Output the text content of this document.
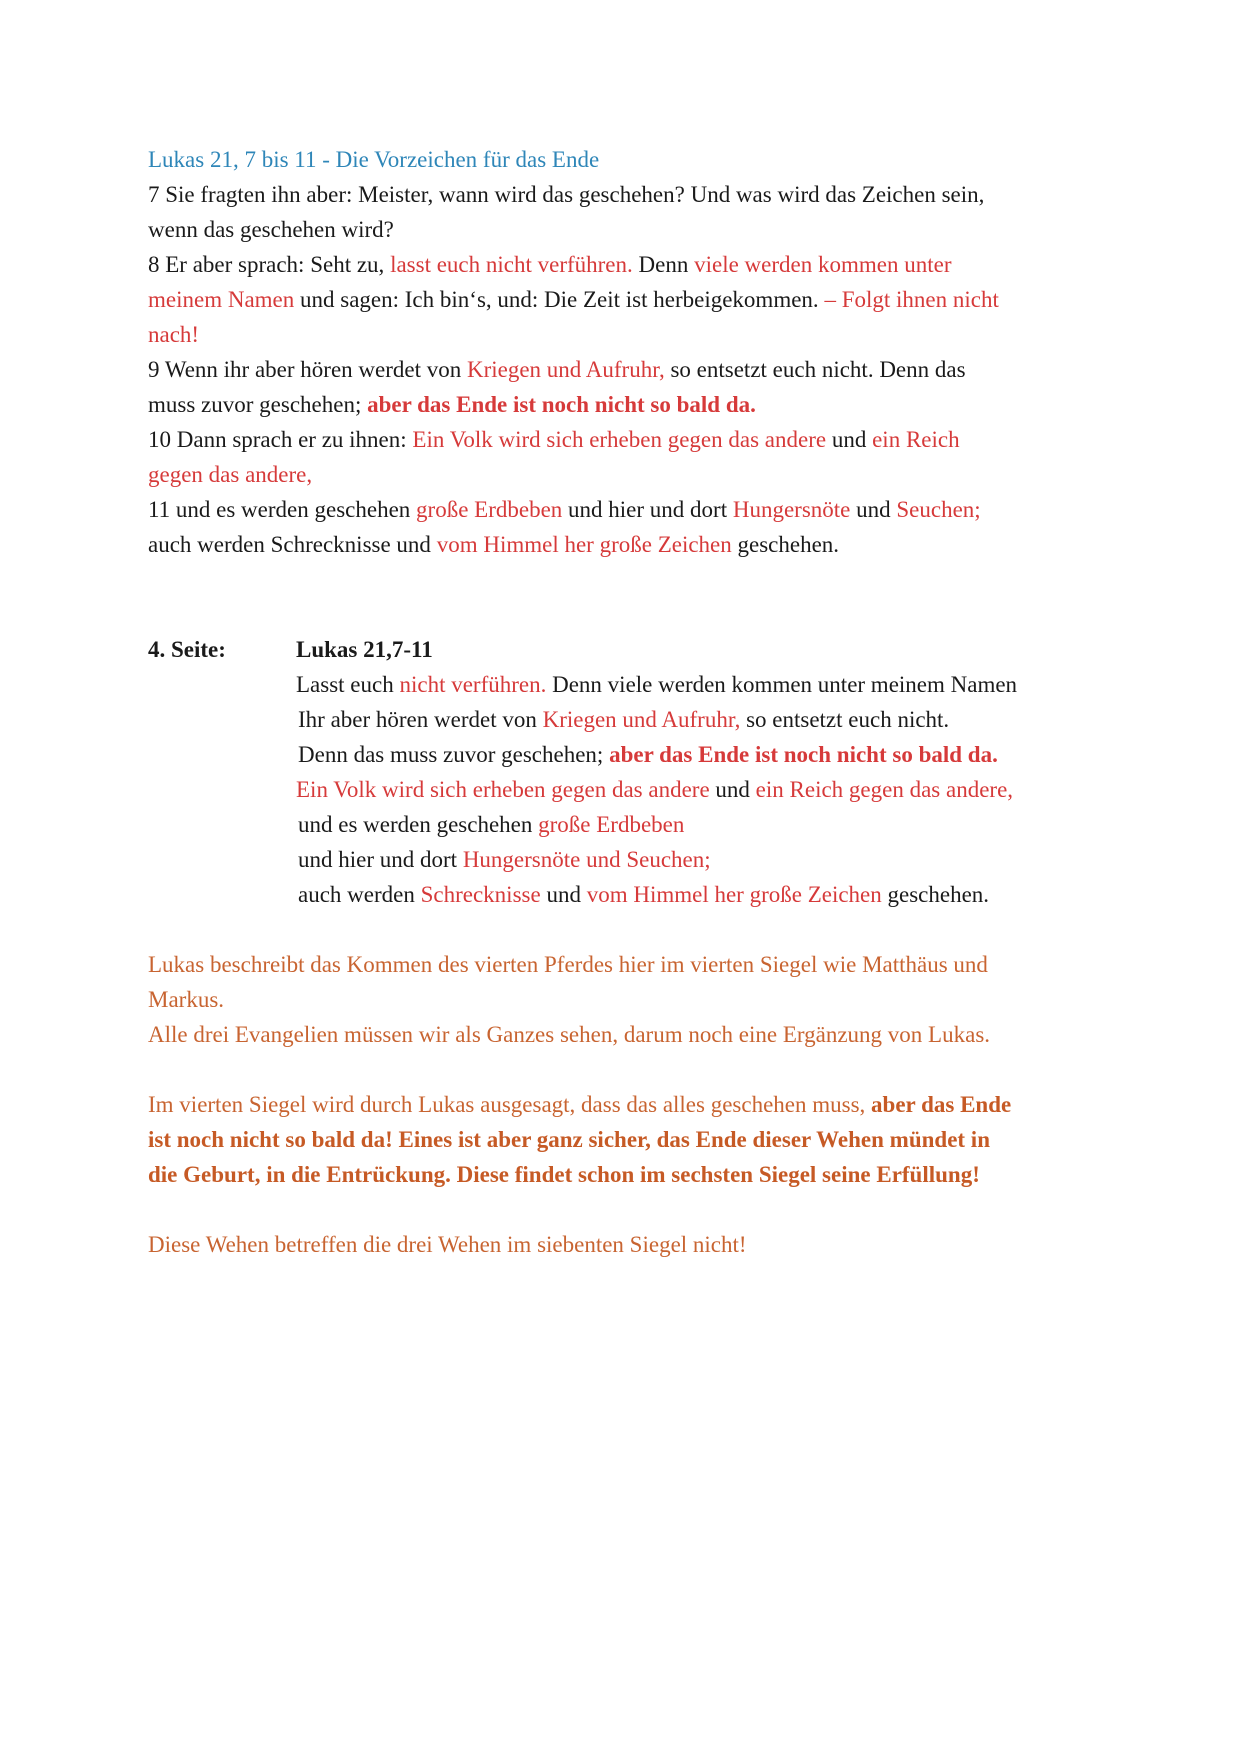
Lukas 21, 7 bis 11 - Die Vorzeichen für das Ende

7 Sie fragten ihn aber: Meister, wann wird das geschehen? Und was wird das Zeichen sein,

wenn das geschehen wird?

8 Er aber sprach: Seht zu, lasst euch nicht verführen. Denn viele werden kommen unter

meinem Namen und sagen: Ich bin‘s, und: Die Zeit ist herbeigekommen. – Folgt ihnen nicht

nach!

9 Wenn ihr aber hören werdet von Kriegen und Aufruhr, so entsetzt euch nicht. Denn das

muss zuvor geschehen; aber das Ende ist noch nicht so bald da.

10 Dann sprach er zu ihnen: Ein Volk wird sich erheben gegen das andere und ein Reich

gegen das andere,

11 und es werden geschehen große Erdbeben und hier und dort Hungersnöte und Seuchen;

auch werden Schrecknisse und vom Himmel her große Zeichen geschehen.

4. Seite:	Lukas 21,7-11

Lasst euch nicht verführen. Denn viele werden kommen unter meinem Namen

Ihr aber hören werdet von Kriegen und Aufruhr, so entsetzt euch nicht.

Denn das muss zuvor geschehen; aber das Ende ist noch nicht so bald da.

Ein Volk wird sich erheben gegen das andere und ein Reich gegen das andere,

und es werden geschehen große Erdbeben

und hier und dort Hungersnöte und Seuchen;

auch werden Schrecknisse und vom Himmel her große Zeichen geschehen.

Lukas beschreibt das Kommen des vierten Pferdes hier im vierten Siegel wie Matthäus und

Markus.

Alle drei Evangelien müssen wir als Ganzes sehen, darum noch eine Ergänzung von Lukas.

Im vierten Siegel wird durch Lukas ausgesagt, dass das alles geschehen muss, aber das Ende

ist noch nicht so bald da! Eines ist aber ganz sicher, das Ende dieser Wehen mündet in

die Geburt, in die Entrückung. Diese findet schon im sechsten Siegel seine Erfüllung!

Diese Wehen betreffen die drei Wehen im siebenten Siegel nicht!
